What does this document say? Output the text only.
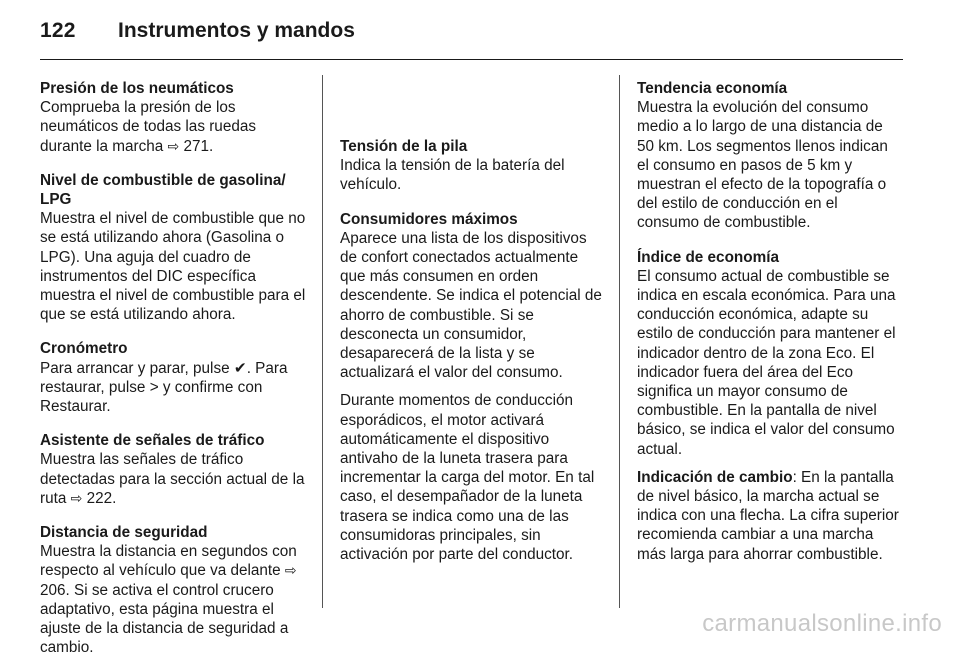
122 Instrumentos y mandos
Presión de los neumáticos
Comprueba la presión de los neumáticos de todas las ruedas durante la marcha ⇨ 271.
Nivel de combustible de gasolina/ LPG
Muestra el nivel de combustible que no se está utilizando ahora (Gasolina o LPG). Una aguja del cuadro de instrumentos del DIC específica muestra el nivel de combustible para el que se está utilizando ahora.
Cronómetro
Para arrancar y parar, pulse ✔. Para restaurar, pulse > y confirme con Restaurar.
Asistente de señales de tráfico
Muestra las señales de tráfico detectadas para la sección actual de la ruta ⇨ 222.
Distancia de seguridad
Muestra la distancia en segundos con respecto al vehículo que va delante ⇨ 206. Si se activa el control crucero adaptativo, esta página muestra el ajuste de la distancia de seguridad a cambio.
Tensión de la pila
Indica la tensión de la batería del vehículo.
Consumidores máximos
Aparece una lista de los dispositivos de confort conectados actualmente que más consumen en orden descendente. Se indica el potencial de ahorro de combustible. Si se desconecta un consumidor, desaparecerá de la lista y se actualizará el valor del consumo.
Durante momentos de conducción esporádicos, el motor activará automáticamente el dispositivo antivaho de la luneta trasera para incrementar la carga del motor. En tal caso, el desempañador de la luneta trasera se indica como una de las consumidoras principales, sin activación por parte del conductor.
Tendencia economía
Muestra la evolución del consumo medio a lo largo de una distancia de 50 km. Los segmentos llenos indican el consumo en pasos de 5 km y muestran el efecto de la topografía o del estilo de conducción en el consumo de combustible.
Índice de economía
El consumo actual de combustible se indica en escala económica. Para una conducción económica, adapte su estilo de conducción para mantener el indicador dentro de la zona Eco. El indicador fuera del área del Eco significa un mayor consumo de combustible. En la pantalla de nivel básico, se indica el valor del consumo actual.
Indicación de cambio: En la pantalla de nivel básico, la marcha actual se indica con una flecha. La cifra superior recomienda cambiar a una marcha más larga para ahorrar combustible.
carmanualsonline.info
